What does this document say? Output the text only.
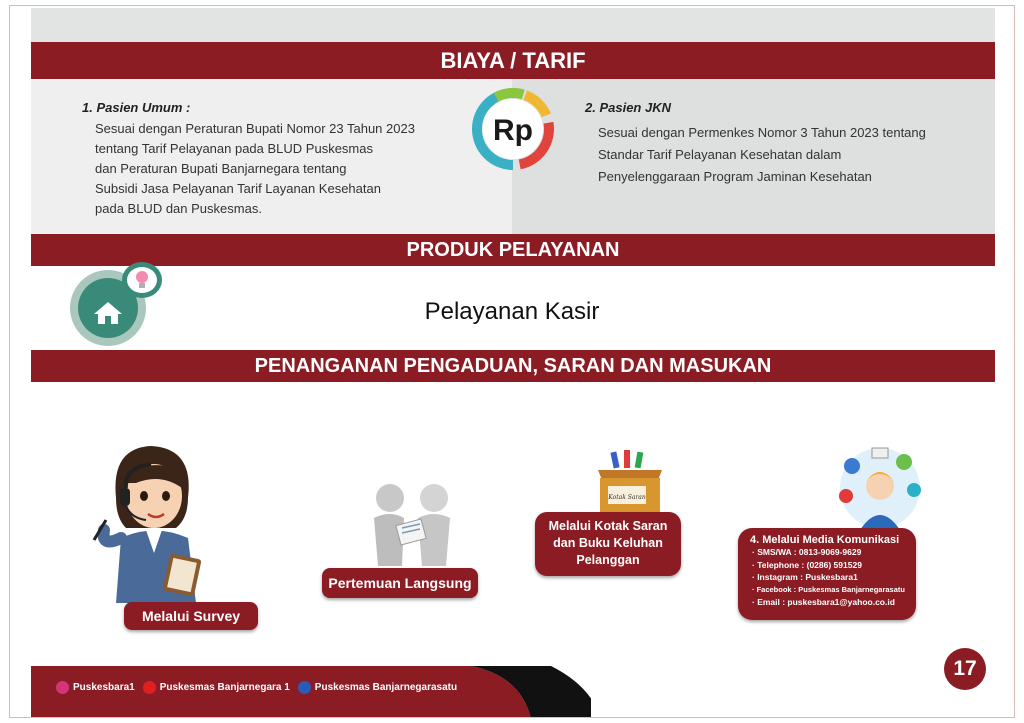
BIAYA / TARIF
1. Pasien Umum :
Sesuai dengan Peraturan Bupati Nomor 23 Tahun 2023
tentang Tarif Pelayanan pada BLUD Puskesmas
dan Peraturan Bupati Banjarnegara tentang
Subsidi Jasa Pelayanan Tarif Layanan Kesehatan
pada BLUD dan Puskesmas.
Rp
2. Pasien JKN
Sesuai dengan Permenkes Nomor 3 Tahun 2023 tentang
Standar Tarif Pelayanan Kesehatan dalam
Penyelenggaraan Program Jaminan Kesehatan
PRODUK PELAYANAN
Pelayanan Kasir
PENANGANAN PENGADUAN, SARAN DAN MASUKAN
Melalui Survey
Pertemuan Langsung
Kotak Saran
Melalui Kotak Saran
dan Buku Keluhan
Pelanggan
4. Melalui Media Komunikasi
· SMS/WA : 0813-9069-9629
· Telephone : (0286) 591529
· Instagram : Puskesbara1
· Facebook : Puskesmas Banjarnegarasatu
· Email : puskesbara1@yahoo.co.id
17
Puskesbara1	Puskesmas Banjarnegara 1	Puskesmas Banjarnegarasatu
